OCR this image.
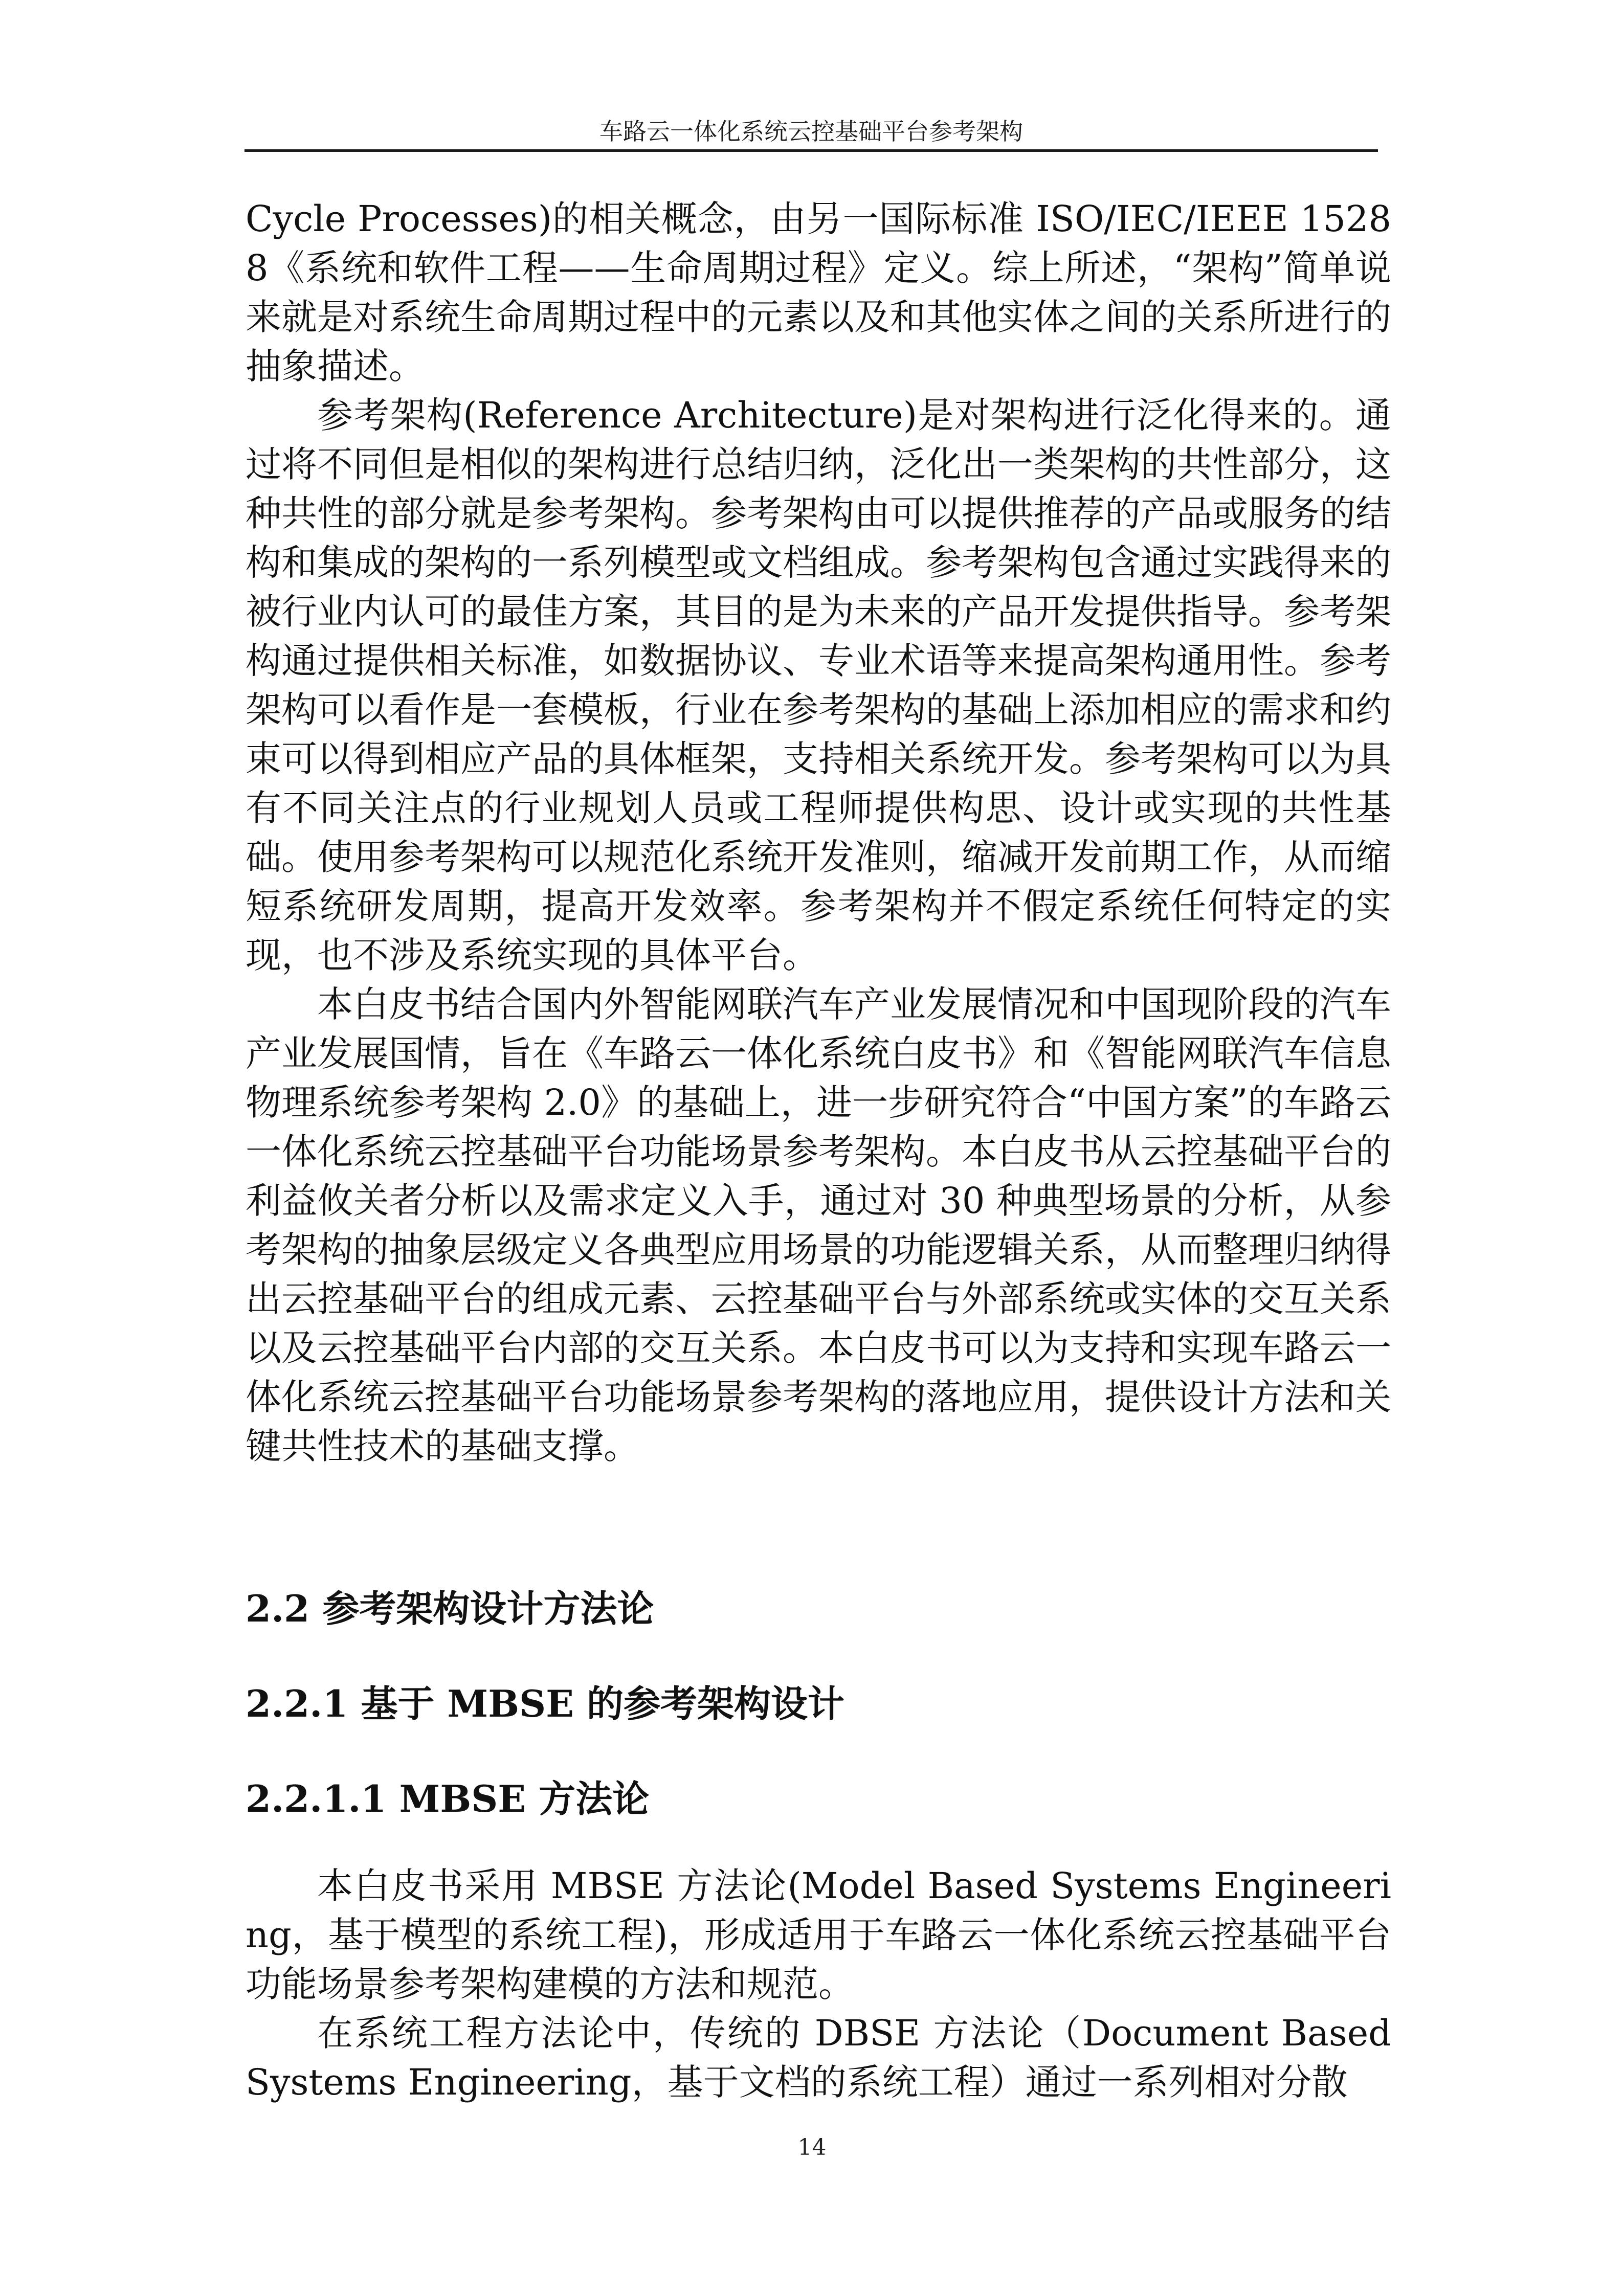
车路云一体化系统云控基础平台参考架构

Cycle Processes)的相关概念，由另一国际标准 ISO/IEC/IEEE 15288《系统和软件工程——生命周期过程》定义。综上所述，“架构”简单说来就是对系统生命周期过程中的元素以及和其他实体之间的关系所进行的抽象描述。

参考架构(Reference Architecture)是对架构进行泛化得来的。通过将不同但是相似的架构进行总结归纳，泛化出一类架构的共性部分，这种共性的部分就是参考架构。参考架构由可以提供推荐的产品或服务的结构和集成的架构的一系列模型或文档组成。参考架构包含通过实践得来的被行业内认可的最佳方案，其目的是为未来的产品开发提供指导。参考架构通过提供相关标准，如数据协议、专业术语等来提高架构通用性。参考架构可以看作是一套模板，行业在参考架构的基础上添加相应的需求和约束可以得到相应产品的具体框架，支持相关系统开发。参考架构可以为具有不同关注点的行业规划人员或工程师提供构思、设计或实现的共性基础。使用参考架构可以规范化系统开发准则，缩减开发前期工作，从而缩短系统研发周期，提高开发效率。参考架构并不假定系统任何特定的实现，也不涉及系统实现的具体平台。

本白皮书结合国内外智能网联汽车产业发展情况和中国现阶段的汽车产业发展国情，旨在《车路云一体化系统白皮书》和《智能网联汽车信息物理系统参考架构 2.0》的基础上，进一步研究符合“中国方案”的车路云一体化系统云控基础平台功能场景参考架构。本白皮书从云控基础平台的利益攸关者分析以及需求定义入手，通过对 30 种典型场景的分析，从参考架构的抽象层级定义各典型应用场景的功能逻辑关系，从而整理归纳得出云控基础平台的组成元素、云控基础平台与外部系统或实体的交互关系以及云控基础平台内部的交互关系。本白皮书可以为支持和实现车路云一体化系统云控基础平台功能场景参考架构的落地应用，提供设计方法和关键共性技术的基础支撑。

2.2 参考架构设计方法论
2.2.1 基于 MBSE 的参考架构设计
2.2.1.1 MBSE 方法论

本白皮书采用 MBSE 方法论(Model Based Systems Engineering，基于模型的系统工程)，形成适用于车路云一体化系统云控基础平台功能场景参考架构建模的方法和规范。

在系统工程方法论中，传统的 DBSE 方法论（Document Based Systems Engineering，基于文档的系统工程）通过一系列相对分散

14
